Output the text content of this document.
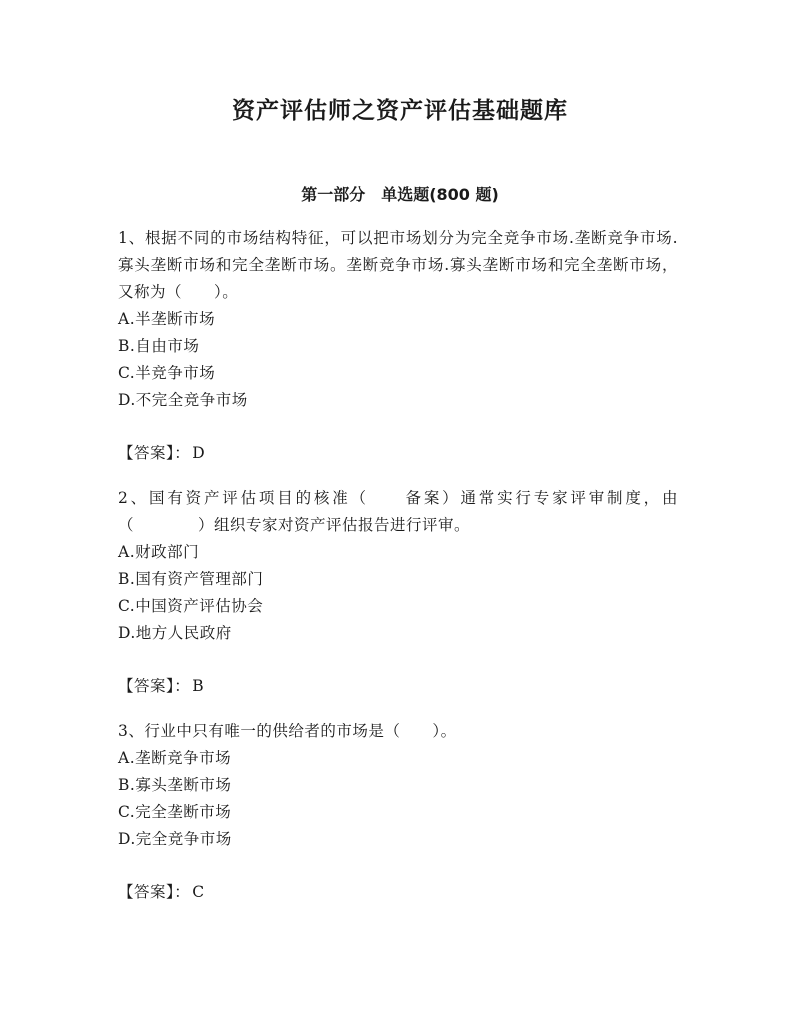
资产评估师之资产评估基础题库
第一部分　单选题(800 题)

1、根据不同的市场结构特征，可以把市场划分为完全竞争市场.垄断竞争市场.寡头垄断市场和完全垄断市场。垄断竞争市场.寡头垄断市场和完全垄断市场，又称为（　　）。

A.半垄断市场

B.自由市场

C.半竞争市场

D.不完全竞争市场

【答案】： D

2、国有资产评估项目的核准（　　备案）通常实行专家评审制度，由（　　　　）组织专家对资产评估报告进行评审。

A.财政部门

B.国有资产管理部门

C.中国资产评估协会

D.地方人民政府

【答案】： B

3、行业中只有唯一的供给者的市场是（　　）。

A.垄断竞争市场

B.寡头垄断市场

C.完全垄断市场

D.完全竞争市场

【答案】： C
